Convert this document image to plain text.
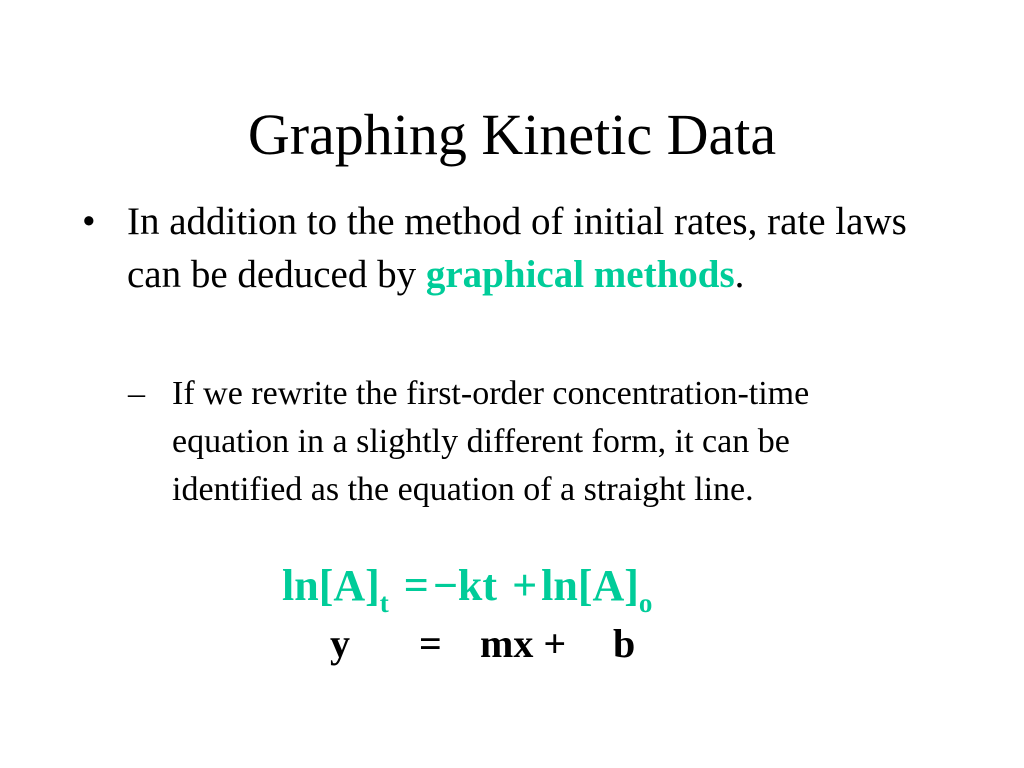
Graphing Kinetic Data
• In addition to the method of initial rates, rate laws can be deduced by graphical methods.
– If we rewrite the first-order concentration-time equation in a slightly different form, it can be identified as the equation of a straight line.
$\ln[A]_t =-kt +\ln[A]_o$
y = mx + b
